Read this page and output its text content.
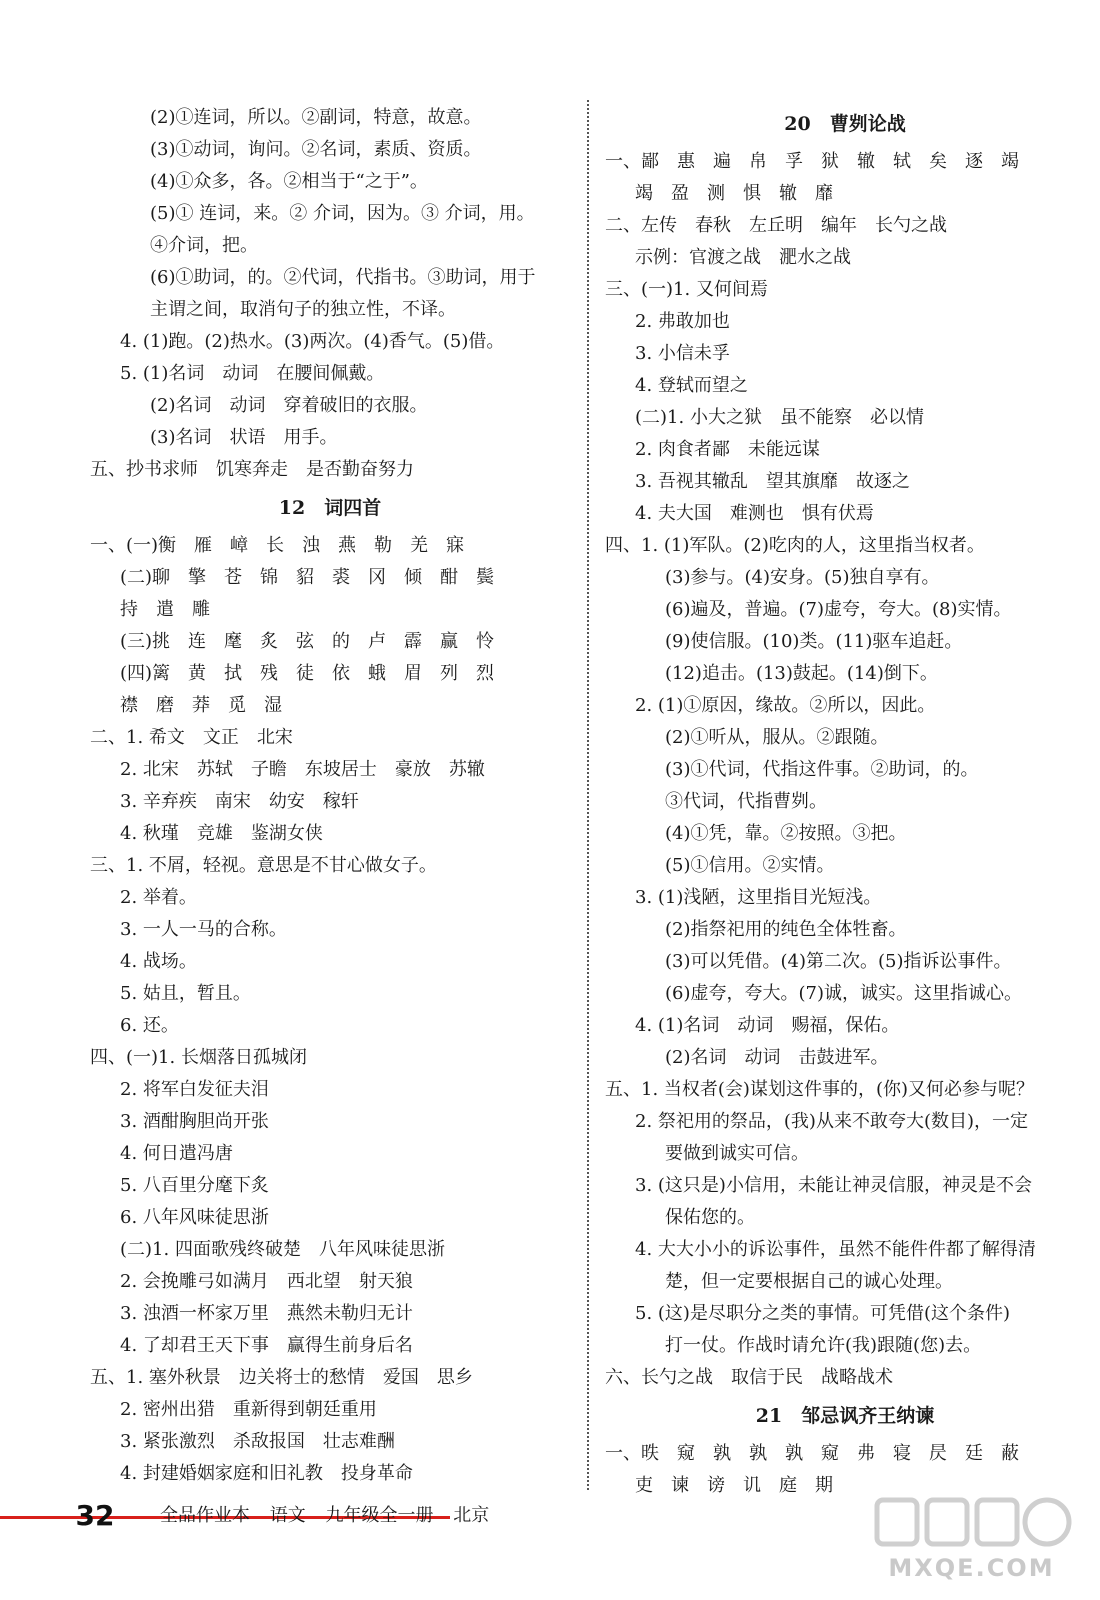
(2)①连词，所以。②副词，特意，故意。
(3)①动词，询问。②名词，素质、资质。
(4)①众多，各。②相当于“之于”。
(5)① 连词，来。② 介词，因为。③ 介词，用。
④介词，把。
(6)①助词，的。②代词，代指书。③助词，用于
主谓之间，取消句子的独立性，不译。
4. (1)跑。(2)热水。(3)两次。(4)香气。(5)借。
5. (1)名词　动词　在腰间佩戴。
(2)名词　动词　穿着破旧的衣服。
(3)名词　状语　用手。
五、抄书求师　饥寒奔走　是否勤奋努力
12　词四首
一、(一)衡　雁　嶂　长　浊　燕　勒　羌　寐
(二)聊　擎　苍　锦　貂　裘　冈　倾　酣　鬓
持　遣　雕
(三)挑　连　麾　炙　弦　的　卢　霹　赢　怜
(四)篱　黄　拭　残　徒　依　蛾　眉　列　烈
襟　磨　莽　觅　湿
二、1. 希文　文正　北宋
2. 北宋　苏轼　子瞻　东坡居士　豪放　苏辙
3. 辛弃疾　南宋　幼安　稼轩
4. 秋瑾　竞雄　鉴湖女侠
三、1. 不屑，轻视。意思是不甘心做女子。
2. 举着。
3. 一人一马的合称。
4. 战场。
5. 姑且，暂且。
6. 还。
四、(一)1. 长烟落日孤城闭
2. 将军白发征夫泪
3. 酒酣胸胆尚开张
4. 何日遣冯唐
5. 八百里分麾下炙
6. 八年风味徒思浙
(二)1. 四面歌残终破楚　八年风味徒思浙
2. 会挽雕弓如满月　西北望　射天狼
3. 浊酒一杯家万里　燕然未勒归无计
4. 了却君王天下事　赢得生前身后名
五、1. 塞外秋景　边关将士的愁情　爱国　思乡
2. 密州出猎　重新得到朝廷重用
3. 紧张激烈　杀敌报国　壮志难酬
4. 封建婚姻家庭和旧礼教　投身革命
20　曹刿论战
一、鄙　惠　遍　帛　孚　狱　辙　轼　矣　逐　竭
竭　盈　测　惧　辙　靡
二、左传　春秋　左丘明　编年　长勺之战
示例：官渡之战　淝水之战
三、(一)1. 又何间焉
2. 弗敢加也
3. 小信未孚
4. 登轼而望之
(二)1. 小大之狱　虽不能察　必以情
2. 肉食者鄙　未能远谋
3. 吾视其辙乱　望其旗靡　故逐之
4. 夫大国　难测也　惧有伏焉
四、1. (1)军队。(2)吃肉的人，这里指当权者。
(3)参与。(4)安身。(5)独自享有。
(6)遍及，普遍。(7)虚夸，夸大。(8)实情。
(9)使信服。(10)类。(11)驱车追赶。
(12)追击。(13)鼓起。(14)倒下。
2. (1)①原因，缘故。②所以，因此。
(2)①听从，服从。②跟随。
(3)①代词，代指这件事。②助词，的。
③代词，代指曹刿。
(4)①凭，靠。②按照。③把。
(5)①信用。②实情。
3. (1)浅陋，这里指目光短浅。
(2)指祭祀用的纯色全体牲畜。
(3)可以凭借。(4)第二次。(5)指诉讼事件。
(6)虚夸，夸大。(7)诚，诚实。这里指诚心。
4. (1)名词　动词　赐福，保佑。
(2)名词　动词　击鼓进军。
五、1. 当权者(会)谋划这件事的，(你)又何必参与呢？
2. 祭祀用的祭品，(我)从来不敢夸大(数目)，一定
要做到诚实可信。
3. (这只是)小信用，未能让神灵信服，神灵是不会
保佑您的。
4. 大大小小的诉讼事件，虽然不能件件都了解得清
楚，但一定要根据自己的诚心处理。
5. (这)是尽职分之类的事情。可凭借(这个条件)
打一仗。作战时请允许(我)跟随(您)去。
六、长勺之战　取信于民　战略战术
21　邹忌讽齐王纳谏
一、昳　窥　孰　孰　孰　窥　弗　寝　昃　廷　蔽
吏　谏　谤　讥　庭　期
32	全品作业本 语文 九年级全一册 北京
MXQE.COM
